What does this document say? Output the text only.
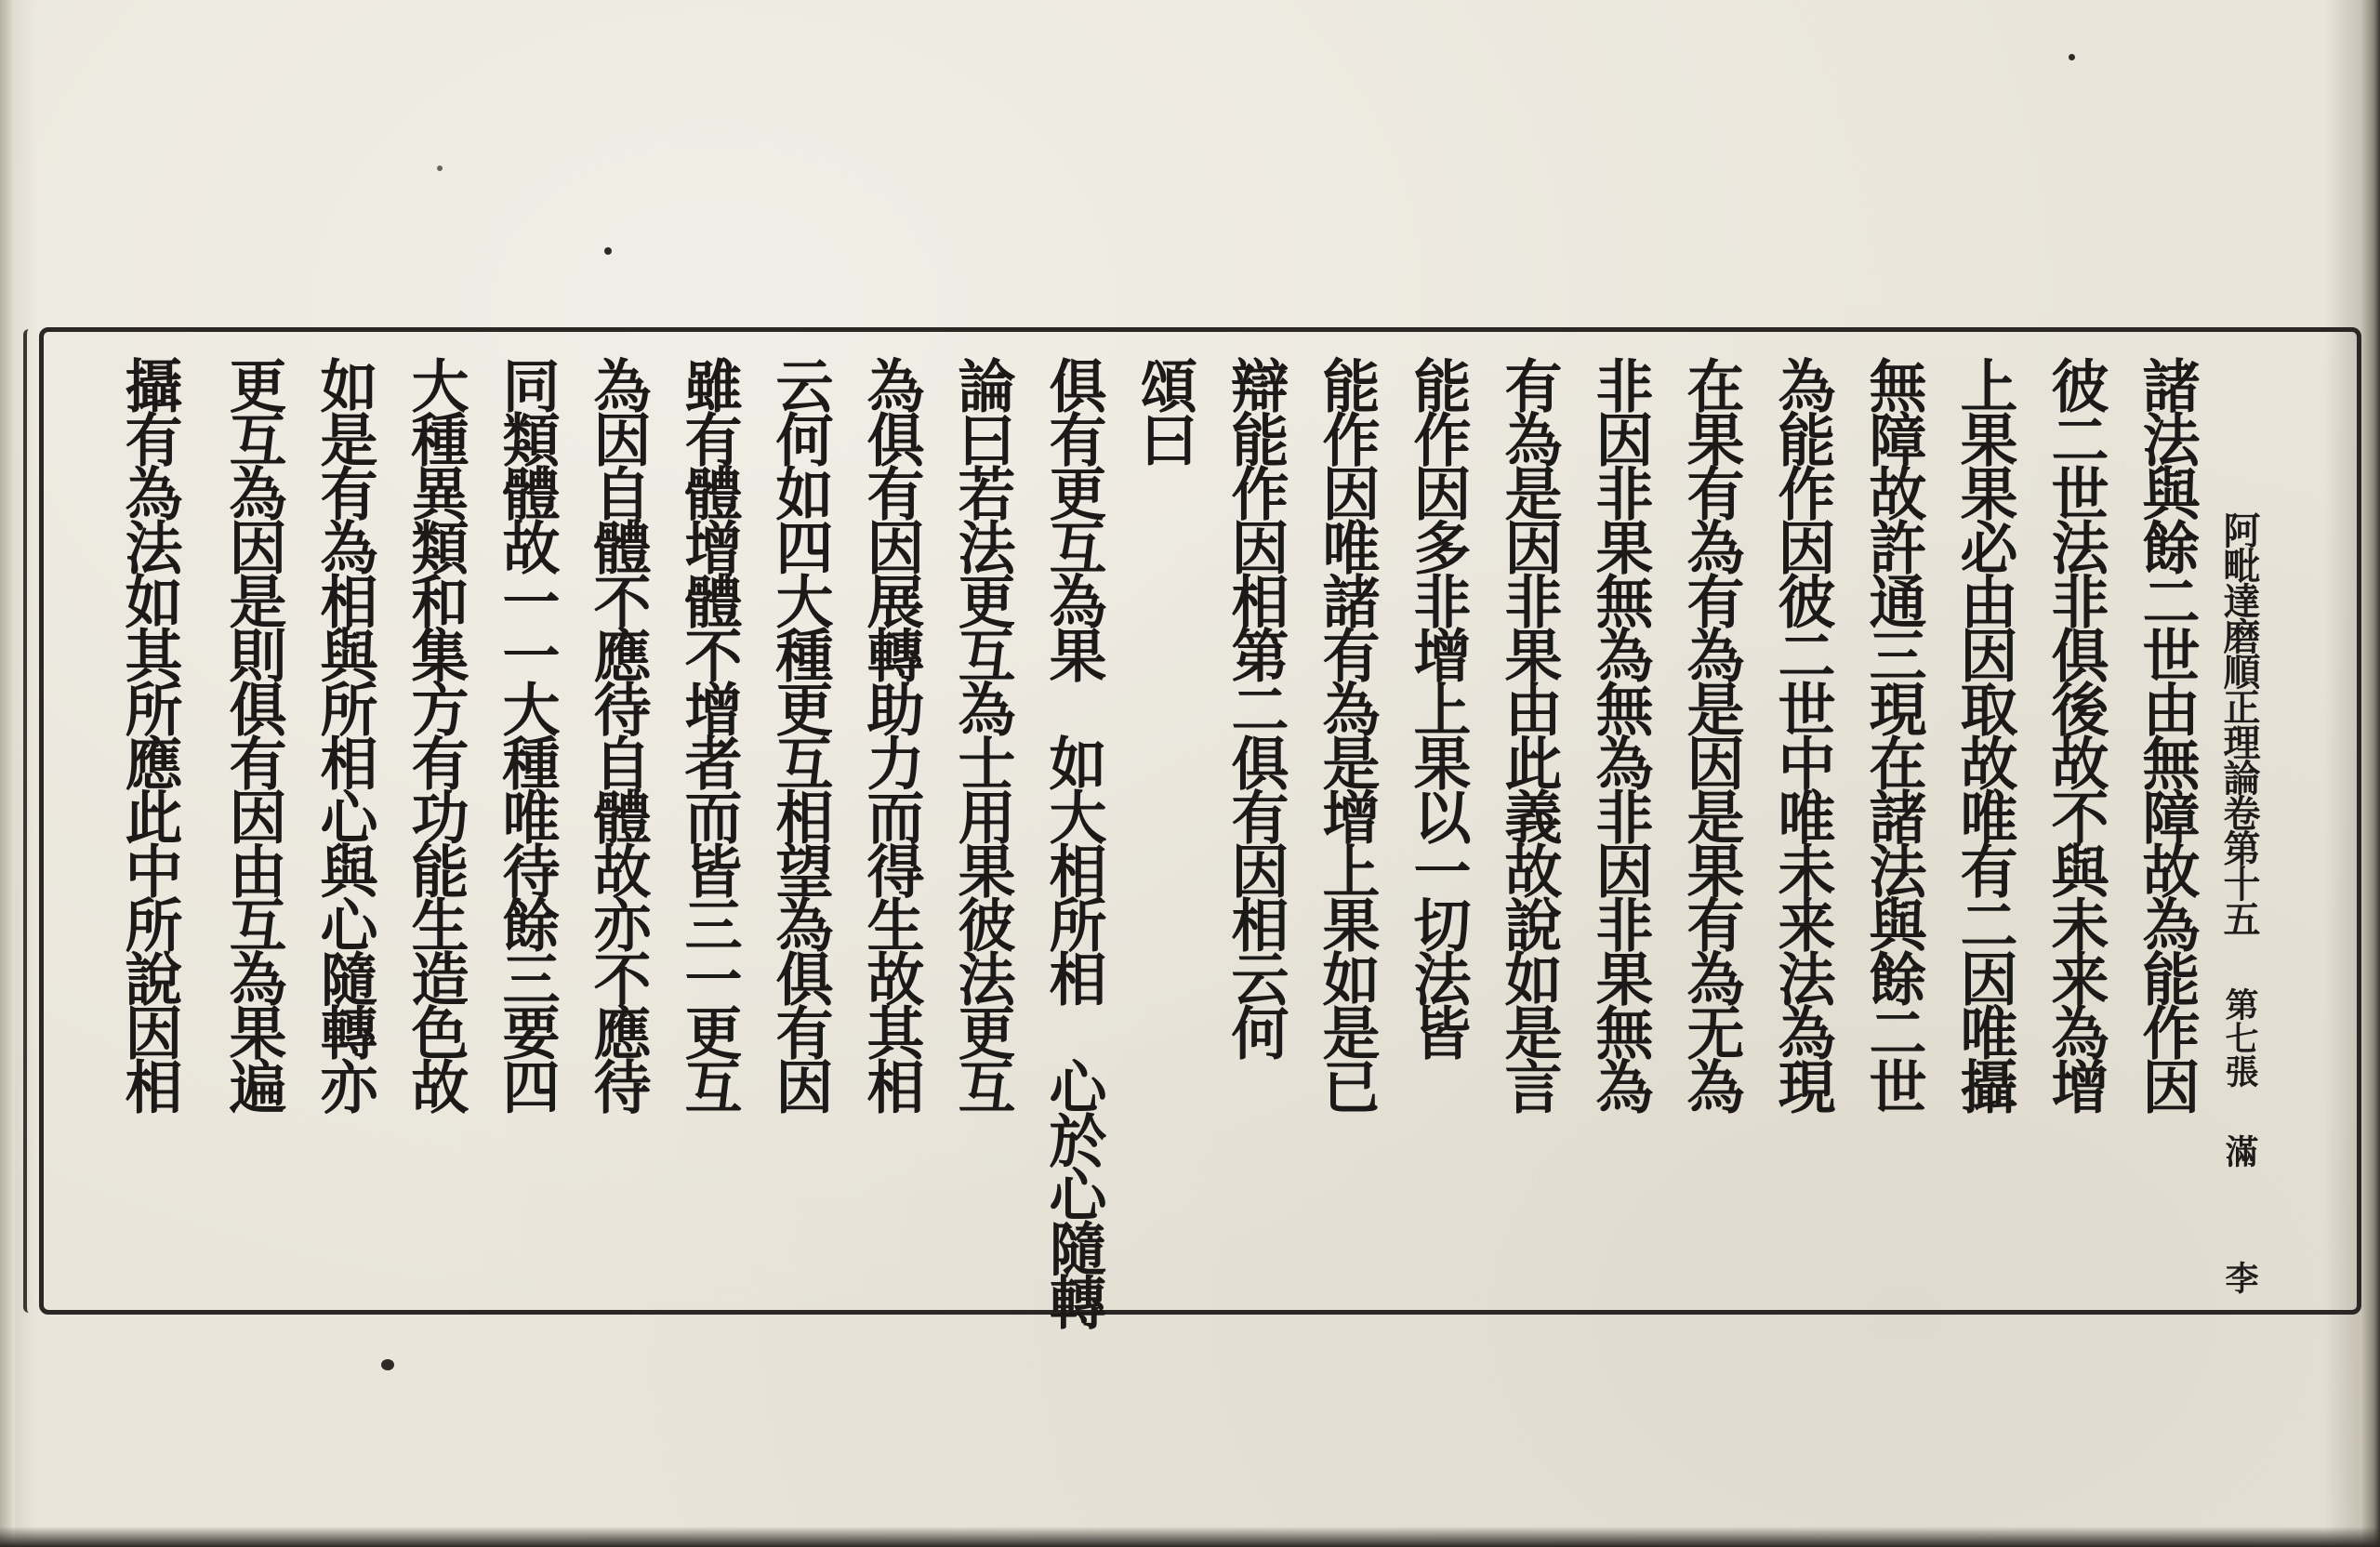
阿毗達磨順正理論卷第十五
第七張滿李
諸法與餘二世由無障故為能作因
彼二世法非俱後故不與未来為增
上果果必由因取故唯有二因唯攝
無障故許通三現在諸法與餘二世
為能作因彼二世中唯未来法為現
在果有為有為是因是果有為无為
非因非果無為無為非因非果無為
有為是因非果由此義故說如是言
能作因多非增上果以一切法皆
能作因唯諸有為是增上果如是已
辯能作因相第二俱有因相云何
頌曰
俱有更互為果　如大相所相　心於心隨轉
論曰若法更互為士用果彼法更互
為俱有因展轉助力而得生故其相
云何如四大種更互相望為俱有因
雖有體增體不增者而皆三一更互
為因自體不應待自體故亦不應待
同類體故一一大種唯待餘三要四
大種異類和集方有功能生造色故
如是有為相與所相心與心隨轉亦
更互為因是則俱有因由互為果遍
攝有為法如其所應此中所說因相
